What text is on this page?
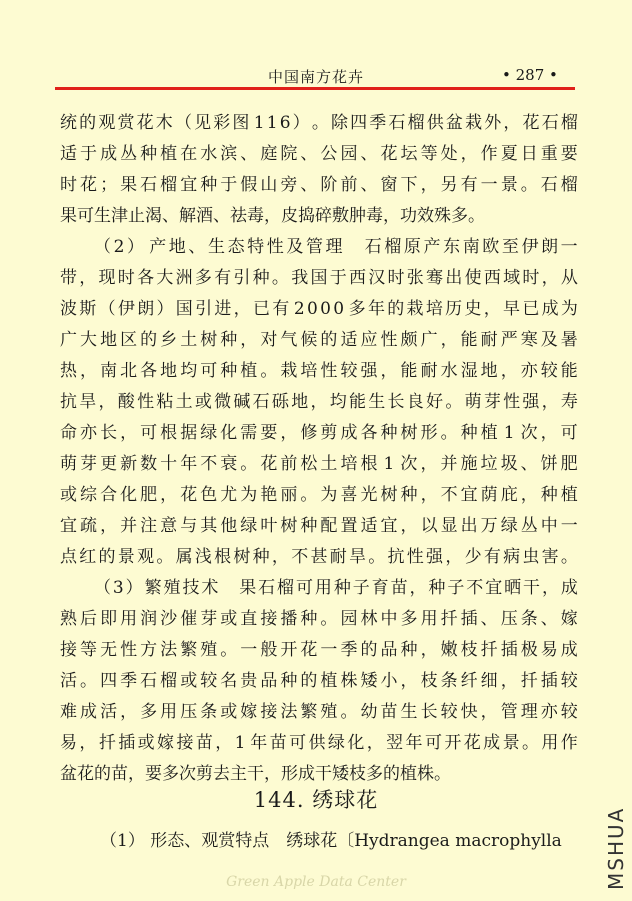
中国南方花卉	• 287 •
统 的 观 赏 花 木 （ 见 彩 图 1 1 6 ） 。 除 四 季 石 榴 供 盆 栽 外 ， 花 石 榴
适 于 成 丛 种 植 在 水 滨 、 庭 院 、 公 园 、 花 坛 等 处 ， 作 夏 日 重 要
时 花 ； 果 石 榴 宜 种 于 假 山 旁 、 阶 前 、 窗 下 ， 另 有 一 景 。 石 榴
果 可 生 津 止 渴 、 解 酒 、 祛 毒 ， 皮 捣 碎 敷 肿 毒 ， 功 效 殊 多 。
（ 2 ） 产 地 、 生 态 特 性 及 管 理
　 石 榴 原 产 东 南 欧 至 伊 朗 一
带 ， 现 时 各 大 洲 多 有 引 种 。 我 国 于 西 汉 时 张 骞 出 使 西 域 时 ， 从
波 斯 （ 伊 朗 ） 国 引 进 ， 已 有 2 0 0 0 多 年 的 栽 培 历 史 ， 早 已 成 为
广 大 地 区 的 乡 土 树 种 ， 对 气 候 的 适 应 性 颇 广 ， 能 耐 严 寒 及 暑
热 ， 南 北 各 地 均 可 种 植 。 栽 培 性 较 强 ， 能 耐 水 湿 地 ， 亦 较 能
抗 旱 ， 酸 性 粘 土 或 微 碱 石 砾 地 ， 均 能 生 长 良 好 。 萌 芽 性 强 ， 寿
命 亦 长 ， 可 根 据 绿 化 需 要 ， 修 剪 成 各 种 树 形 。 种 植 1 次 ， 可
萌 芽 更 新 数 十 年 不 衰 。 花 前 松 土 培 根 1 次 ， 并 施 垃 圾 、 饼 肥
或 综 合 化 肥 ， 花 色 尤 为 艳 丽 。 为 喜 光 树 种 ， 不 宜 荫 庇 ， 种 植
宜 疏 ， 并 注 意 与 其 他 绿 叶 树 种 配 置 适 宜 ， 以 显 出 万 绿 丛 中 一
点 红 的 景 观 。 属 浅 根 树 种 ， 不 甚 耐 旱 。 抗 性 强 ， 少 有 病 虫 害 。
（ 3 ） 繁 殖 技 术
　 果 石 榴 可 用 种 子 育 苗 ， 种 子 不 宜 晒 干 ， 成
熟 后 即 用 润 沙 催 芽 或 直 接 播 种 。 园 林 中 多 用 扦 插 、 压 条 、 嫁
接 等 无 性 方 法 繁 殖 。 一 般 开 花 一 季 的 品 种 ， 嫩 枝 扦 插 极 易 成
活 。 四 季 石 榴 或 较 名 贵 品 种 的 植 株 矮 小 ， 枝 条 纤 细 ， 扦 插 较
难 成 活 ， 多 用 压 条 或 嫁 接 法 繁 殖 。 幼 苗 生 长 较 快 ， 管 理 亦 较
易 ， 扦 插 或 嫁 接 苗 ， 1 年 苗 可 供 绿 化 ， 翌 年 可 开 花 成 景 。 用 作
盆 花 的 苗 ， 要 多 次 剪 去 主 干 ， 形 成 干 矮 枝 多 的 植 株 。
144. 绣球花
（1） 形态、观赏特点　绣球花〔Hydrangea macrophylla	MSHUA
Green Apple Data Center
